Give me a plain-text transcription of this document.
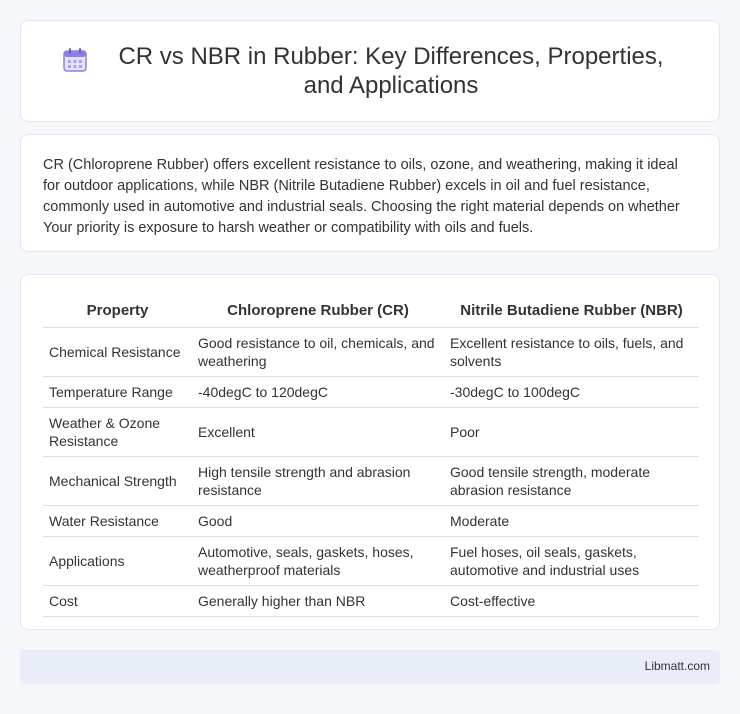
CR vs NBR in Rubber: Key Differences, Properties, and Applications

CR (Chloroprene Rubber) offers excellent resistance to oils, ozone, and weathering, making it ideal for outdoor applications, while NBR (Nitrile Butadiene Rubber) excels in oil and fuel resistance, commonly used in automotive and industrial seals. Choosing the right material depends on whether Your priority is exposure to harsh weather or compatibility with oils and fuels.

Property	Chloroprene Rubber (CR)	Nitrile Butadiene Rubber (NBR)
Chemical Resistance	Good resistance to oil, chemicals, and weathering	Excellent resistance to oils, fuels, and solvents
Temperature Range	-40degC to 120degC	-30degC to 100degC
Weather & Ozone Resistance	Excellent	Poor
Mechanical Strength	High tensile strength and abrasion resistance	Good tensile strength, moderate abrasion resistance
Water Resistance	Good	Moderate
Applications	Automotive, seals, gaskets, hoses, weatherproof materials	Fuel hoses, oil seals, gaskets, automotive and industrial uses
Cost	Generally higher than NBR	Cost-effective
Libmatt.com
